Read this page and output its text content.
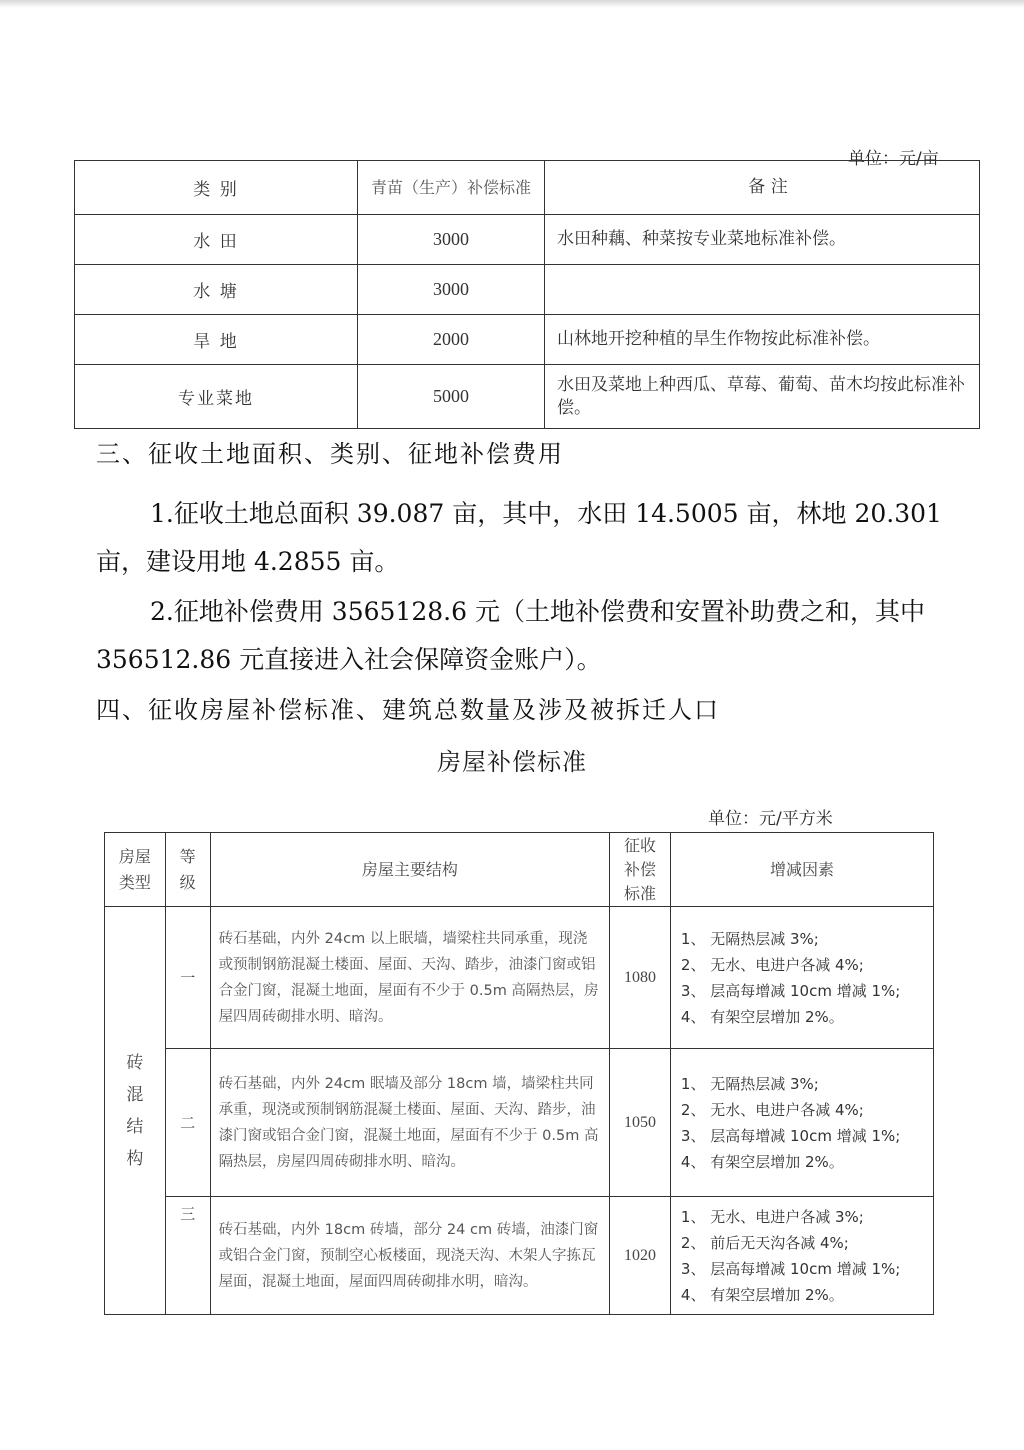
单位：元/亩
类 别	青苗（生产）补偿标准	备 注
水 田	3000	水田种藕、种菜按专业菜地标准补偿。
水 塘	3000	
旱 地	2000	山林地开挖种植的旱生作物按此标准补偿。
专业菜地	5000	水田及菜地上种西瓜、草莓、葡萄、苗木均按此标准补偿。
三、征收土地面积、类别、征地补偿费用
1.征收土地总面积 39.087 亩，其中，水田 14.5005 亩，林地 20.301 亩，建设用地 4.2855 亩。
2.征地补偿费用 3565128.6 元（土地补偿费和安置补助费之和，其中 356512.86 元直接进入社会保障资金账户）。
四、征收房屋补偿标准、建筑总数量及涉及被拆迁人口
房屋补偿标准
单位：元/平方米
房屋类型	等级	房屋主要结构	征收补偿标准	增减因素

砖混结构	一	砖石基础，内外 24cm 以上眠墙，墙梁柱共同承重，现浇或预制钢筋混凝土楼面、屋面、天沟、踏步，油漆门窗或铝合金门窗，混凝土地面，屋面有不少于 0.5m 高隔热层，房屋四周砖砌排水明、暗沟。	1080	1、 无隔热层减 3%;
2、 无水、电进户各减 4%;
3、 层高每增减 10cm 增减 1%;
4、 有架空层增加 2%。

	二	砖石基础，内外 24cm 眠墙及部分 18cm 墙，墙梁柱共同承重，现浇或预制钢筋混凝土楼面、屋面、天沟、踏步，油漆门窗或铝合金门窗，混凝土地面，屋面有不少于 0.5m 高隔热层，房屋四周砖砌排水明、暗沟。	1050	1、 无隔热层减 3%;
2、 无水、电进户各减 4%;
3、 层高每增减 10cm 增减 1%;
4、 有架空层增加 2%。

	三	砖石基础，内外 18cm 砖墙，部分 24 cm 砖墙，油漆门窗或铝合金门窗，预制空心板楼面，现浇天沟、木架人字拣瓦屋面，混凝土地面，屋面四周砖砌排水明，暗沟。	1020	1、 无水、电进户各减 3%;
2、 前后无天沟各减 4%;
3、 层高每增减 10cm 增减 1%;
4、 有架空层增加 2%。
